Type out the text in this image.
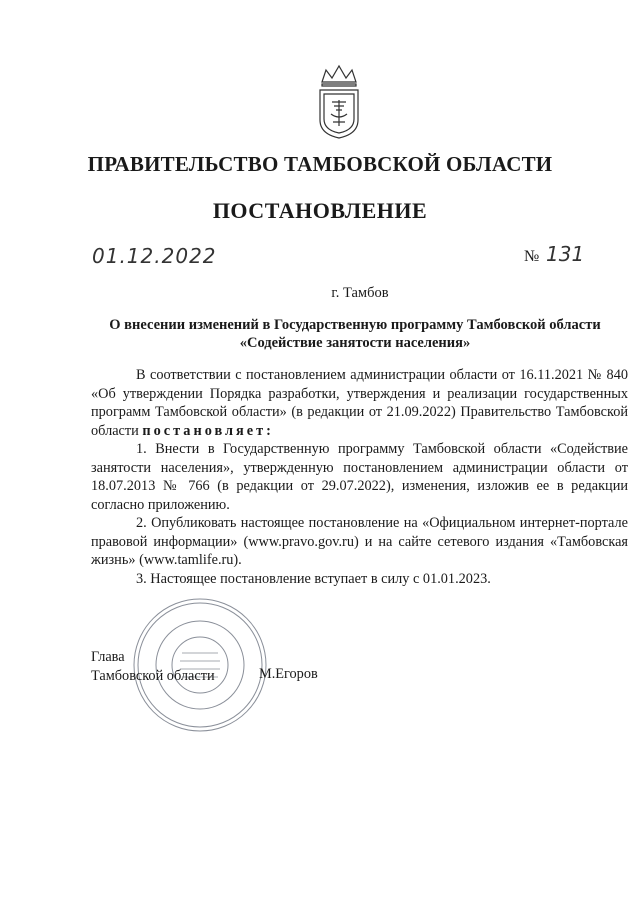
ПРАВИТЕЛЬСТВО ТАМБОВСКОЙ ОБЛАСТИ
ПОСТАНОВЛЕНИЕ
01.12.2022	№ 131
г. Тамбов
О внесении изменений в Государственную программу Тамбовской области
«Содействие занятости населения»

В соответствии с постановлением администрации области от 16.11.2021 № 840 «Об утверждении Порядка разработки, утверждения и реализации государственных программ Тамбовской области» (в редакции от 21.09.2022) Правительство Тамбовской области постановляет:

1. Внести в Государственную программу Тамбовской области «Содействие занятости населения», утвержденную постановлением администрации области от 18.07.2013 № 766 (в редакции от 29.07.2022), изменения, изложив ее в редакции согласно приложению.

2. Опубликовать настоящее постановление на «Официальном интернет-портале правовой информации» (www.pravo.gov.ru) и на сайте сетевого издания «Тамбовская жизнь» (www.tamlife.ru).

3. Настоящее постановление вступает в силу с 01.01.2023.

Глава
Тамбовской области	М.Егоров
